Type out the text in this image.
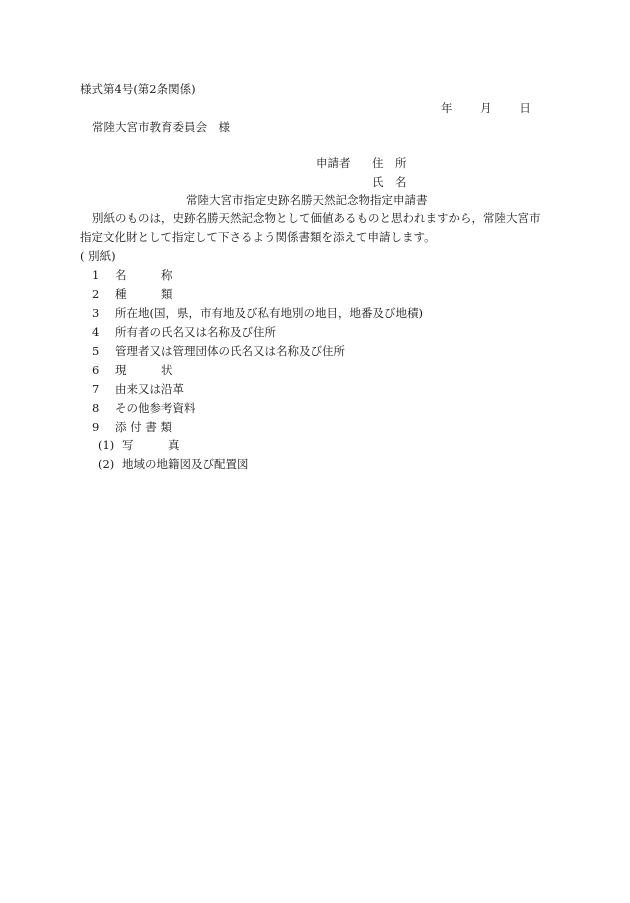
様式第4号(第2条関係)
年 月 日
常陸大宮市教育委員会　様
申請者 住　所
氏　名
常陸大宮市指定史跡名勝天然記念物指定申請書
別紙のものは，史跡名勝天然記念物として価値あるものと思われますから，常陸大宮市
指定文化財として指定して下さるよう関係書類を添えて申請します。
( 別紙)
1 名　　　称
2 種　　　類
3 所在地(国，県，市有地及び私有地別の地目，地番及び地積)
4 所有者の氏名又は名称及び住所
5 管理者又は管理団体の氏名又は名称及び住所
6 現　　　状
7 由来又は沿革
8 その他参考資料
9 添 付 書 類
(1) 写　　　真
(2) 地域の地籍図及び配置図
